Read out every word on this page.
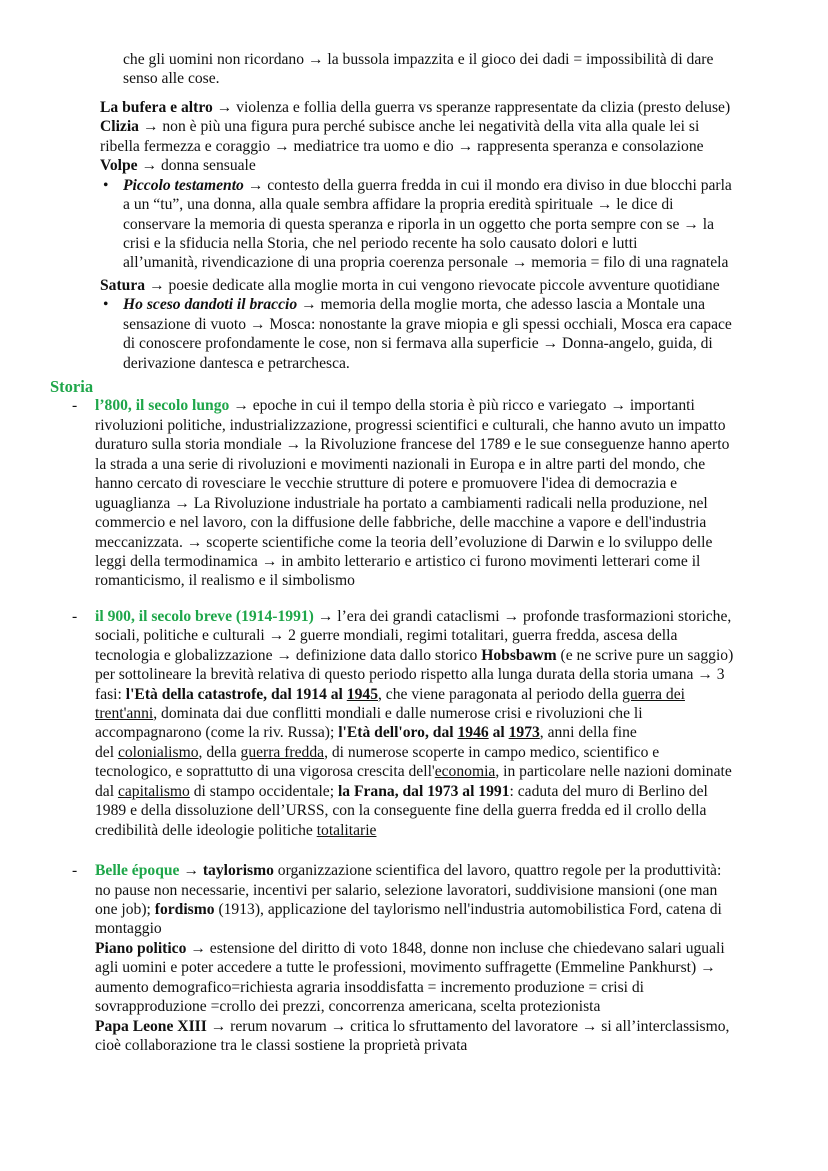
che gli uomini non ricordano → la bussola impazzita e il gioco dei dadi = impossibilità di dare
senso alle cose.
La bufera e altro → violenza e follia della guerra vs speranze rappresentate da clizia (presto deluse)
Clizia → non è più una figura pura perché subisce anche lei negatività della vita alla quale lei si
ribella fermezza e coraggio → mediatrice tra uomo e dio → rappresenta speranza e consolazione
Volpe → donna sensuale
• Piccolo testamento → contesto della guerra fredda in cui il mondo era diviso in due blocchi parla
a un “tu”, una donna, alla quale sembra affidare la propria eredità spirituale → le dice di
conservare la memoria di questa speranza e riporla in un oggetto che porta sempre con se → la
crisi e la sfiducia nella Storia, che nel periodo recente ha solo causato dolori e lutti
all’umanità, rivendicazione di una propria coerenza personale → memoria = filo di una ragnatela
Satura → poesie dedicate alla moglie morta in cui vengono rievocate piccole avventure quotidiane
• Ho sceso dandoti il braccio → memoria della moglie morta, che adesso lascia a Montale una
sensazione di vuoto → Mosca: nonostante la grave miopia e gli spessi occhiali, Mosca era capace
di conoscere profondamente le cose, non si fermava alla superficie → Donna-angelo, guida, di
derivazione dantesca e petrarchesca.
Storia
-	l’800, il secolo lungo → epoche in cui il tempo della storia è più ricco e variegato → importanti
rivoluzioni politiche, industrializzazione, progressi scientifici e culturali, che hanno avuto un impatto
duraturo sulla storia mondiale → la Rivoluzione francese del 1789 e le sue conseguenze hanno aperto
la strada a una serie di rivoluzioni e movimenti nazionali in Europa e in altre parti del mondo, che
hanno cercato di rovesciare le vecchie strutture di potere e promuovere l'idea di democrazia e
uguaglianza → La Rivoluzione industriale ha portato a cambiamenti radicali nella produzione, nel
commercio e nel lavoro, con la diffusione delle fabbriche, delle macchine a vapore e dell'industria
meccanizzata. → scoperte scientifiche come la teoria dell’evoluzione di Darwin e lo sviluppo delle
leggi della termodinamica → in ambito letterario e artistico ci furono movimenti letterari come il
romanticismo, il realismo e il simbolismo
-	il 900, il secolo breve (1914-1991) → l’era dei grandi cataclismi → profonde trasformazioni storiche,
sociali, politiche e culturali → 2 guerre mondiali, regimi totalitari, guerra fredda, ascesa della
tecnologia e globalizzazione → definizione data dallo storico Hobsbawm (e ne scrive pure un saggio)
per sottolineare la brevità relativa di questo periodo rispetto alla lunga durata della storia umana → 3
fasi: l'Età della catastrofe, dal 1914 al 1945, che viene paragonata al periodo della guerra dei
trent'anni, dominata dai due conflitti mondiali e dalle numerose crisi e rivoluzioni che li
accompagnarono (come la riv. Russa); l'Età dell'oro, dal 1946 al 1973, anni della fine
del colonialismo, della guerra fredda, di numerose scoperte in campo medico, scientifico e
tecnologico, e soprattutto di una vigorosa crescita dell'economia, in particolare nelle nazioni dominate
dal capitalismo di stampo occidentale; la Frana, dal 1973 al 1991: caduta del muro di Berlino del
1989 e della dissoluzione dell’URSS, con la conseguente fine della guerra fredda ed il crollo della
credibilità delle ideologie politiche totalitarie
-	Belle époque → taylorismo organizzazione scientifica del lavoro, quattro regole per la produttività:
no pause non necessarie, incentivi per salario, selezione lavoratori, suddivisione mansioni (one man
one job); fordismo (1913), applicazione del taylorismo nell'industria automobilistica Ford, catena di
montaggio
Piano politico → estensione del diritto di voto 1848, donne non incluse che chiedevano salari uguali
agli uomini e poter accedere a tutte le professioni, movimento suffragette (Emmeline Pankhurst) →
aumento demografico=richiesta agraria insoddisfatta = incremento produzione = crisi di
sovrapproduzione =crollo dei prezzi, concorrenza americana, scelta protezionista
Papa Leone XIII → rerum novarum → critica lo sfruttamento del lavoratore → si all’interclassismo,
cioè collaborazione tra le classi sostiene la proprietà privata
